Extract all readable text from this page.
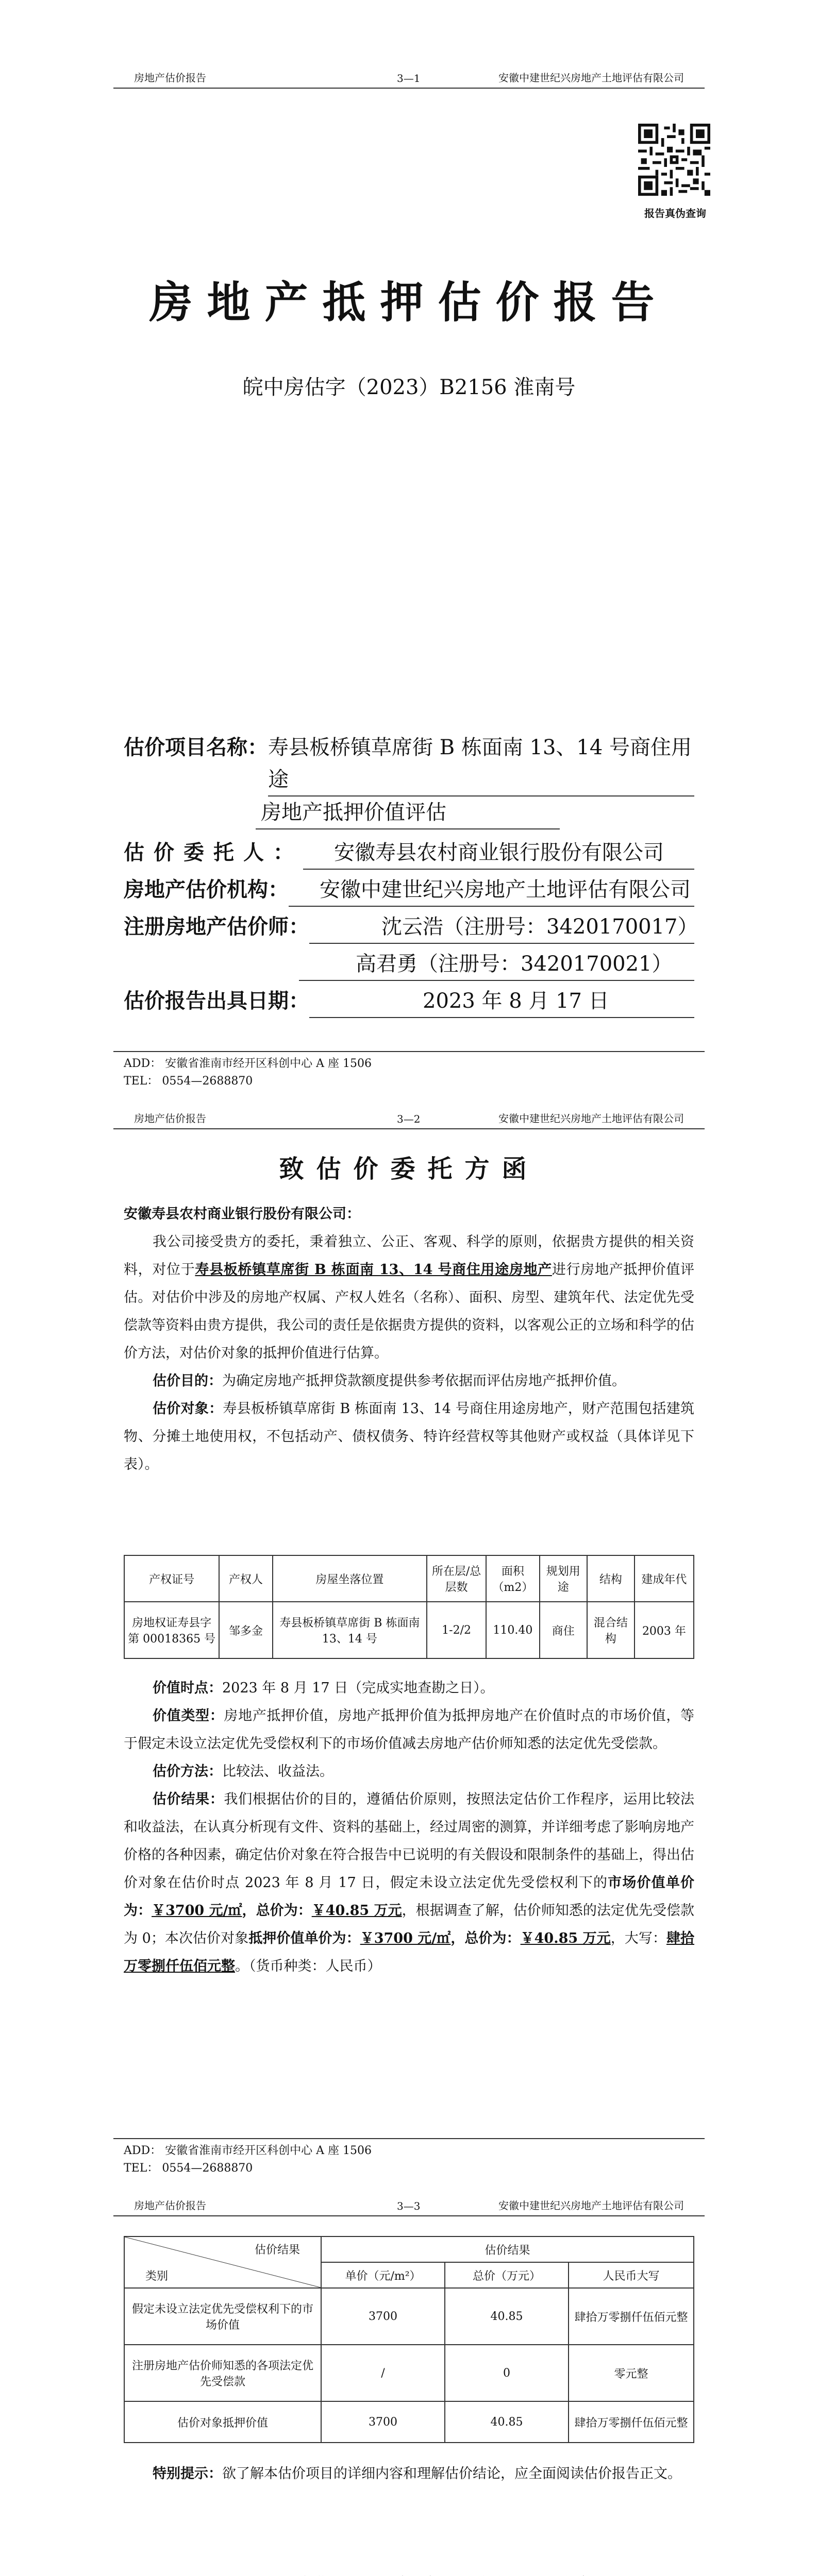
房地产估价报告	3—1	安徽中建世纪兴房地产土地评估有限公司
报告真伪查询
房地产抵押估价报告
皖中房估字（2023）B2156 淮南号
估价项目名称： 寿县板桥镇草席街 B 栋面南 13、14 号商住用途
房地产抵押价值评估
估价委托人：	安徽寿县农村商业银行股份有限公司
房地产估价机构：	安徽中建世纪兴房地产土地评估有限公司
注册房地产估价师：	沈云浩（注册号：3420170017）
高君勇（注册号：3420170021）
估价报告出具日期：	2023 年 8 月 17 日
ADD： 安徽省淮南市经开区科创中心 A 座 1506
TEL： 0554—2688870
房地产估价报告	3—2	安徽中建世纪兴房地产土地评估有限公司
致估价委托方函

安徽寿县农村商业银行股份有限公司：

我公司接受贵方的委托，秉着独立、公正、客观、科学的原则，依据贵方提供的相关资料，对位于寿县板桥镇草席街 B 栋面南 13、14 号商住用途房地产进行房地产抵押价值评估。对估价中涉及的房地产权属、产权人姓名（名称）、面积、房型、建筑年代、法定优先受偿款等资料由贵方提供，我公司的责任是依据贵方提供的资料，以客观公正的立场和科学的估价方法，对估价对象的抵押价值进行估算。

估价目的：为确定房地产抵押贷款额度提供参考依据而评估房地产抵押价值。

估价对象：寿县板桥镇草席街 B 栋面南 13、14 号商住用途房地产，财产范围包括建筑物、分摊土地使用权，不包括动产、债权债务、特许经营权等其他财产或权益（具体详见下表）。

产权证号	产权人	房屋坐落位置	所在层/总层数	面积（m2）	规划用途	结构	建成年代
房地权证寿县字第 00018365 号	邹多金	寿县板桥镇草席街 B 栋面南 13、14 号	1-2/2	110.40	商住	混合结构	2003 年

价值时点：2023 年 8 月 17 日（完成实地查勘之日）。

价值类型：房地产抵押价值，房地产抵押价值为抵押房地产在价值时点的市场价值，等于假定未设立法定优先受偿权利下的市场价值减去房地产估价师知悉的法定优先受偿款。

估价方法：比较法、收益法。

估价结果：我们根据估价的目的，遵循估价原则，按照法定估价工作程序，运用比较法和收益法，在认真分析现有文件、资料的基础上，经过周密的测算，并详细考虑了影响房地产价格的各种因素，确定估价对象在符合报告中已说明的有关假设和限制条件的基础上，得出估价对象在估价时点 2023 年 8 月 17 日，假定未设立法定优先受偿权利下的市场价值单价为：￥3700 元/㎡，总价为：￥40.85 万元，根据调查了解，估价师知悉的法定优先受偿款为 0；本次估价对象抵押价值单价为：￥3700 元/㎡，总价为：￥40.85 万元，大写：肆拾万零捌仟伍佰元整。（货币种类：人民币）

ADD： 安徽省淮南市经开区科创中心 A 座 1506
TEL： 0554—2688870
房地产估价报告	3—3	安徽中建世纪兴房地产土地评估有限公司
估价结果
类别	估价结果		
	单价（元/m²）	总价（万元）	人民币大写
假定未设立法定优先受偿权利下的市场价值	3700	40.85	肆拾万零捌仟伍佰元整
注册房地产估价师知悉的各项法定优先受偿款	/	0	零元整
估价对象抵押价值	3700	40.85	肆拾万零捌仟伍佰元整

特别提示：欲了解本估价项目的详细内容和理解估价结论，应全面阅读估价报告正文。
